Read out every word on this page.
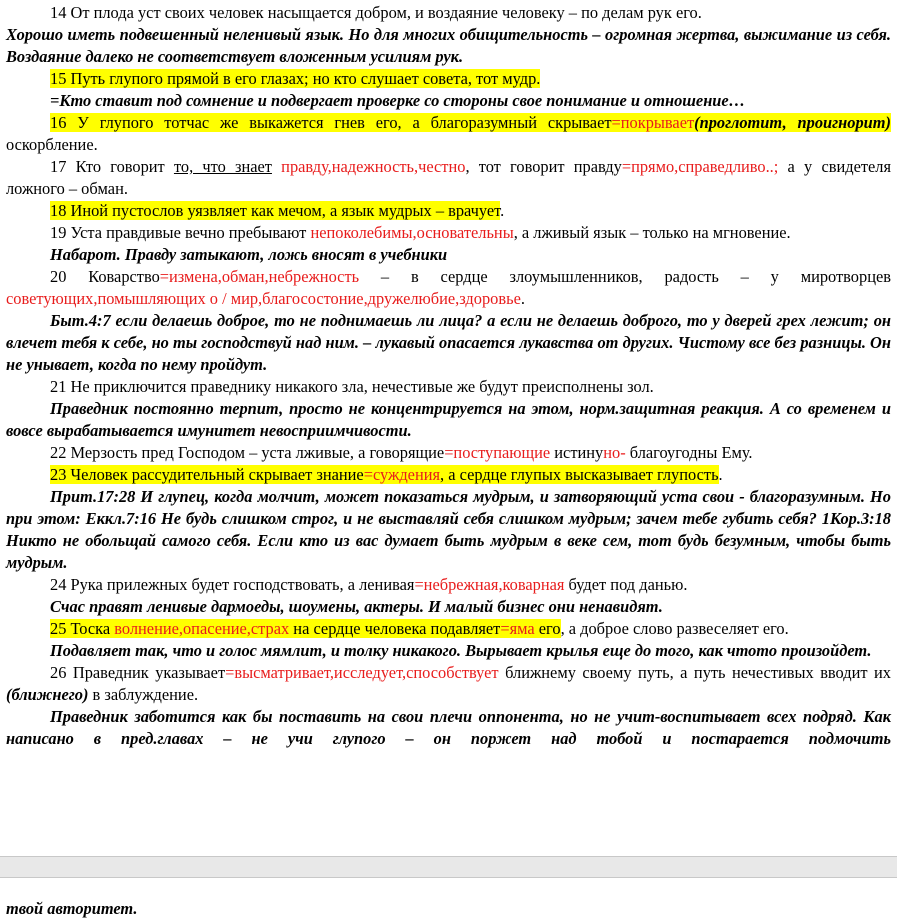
14 От плода уст своих человек насыщается добром, и воздаяние человеку – по делам рук его.

Хорошо иметь подвешенный неленивый язык. Но для многих обищительность – огромная жертва, выжимание из себя. Воздаяние далеко не соответствует вложенным усилиям рук.

15 Путь глупого прямой в его глазах; но кто слушает совета, тот мудр.

=Кто ставит под сомнение и подвергает проверке со стороны свое понимание и отношение…

16 У глупого тотчас же выкажется гнев его, а благоразумный скрывает=покрывает(проглотит, проигнорит) оскорбление.

17 Кто говорит то, что знает правду,надежность,честно, тот говорит правду=прямо,справедливо..; а у свидетеля ложного – обман.

18 Иной пустослов уязвляет как мечом, а язык мудрых – врачует.

19 Уста правдивые вечно пребывают непоколебимы,основательны, а лживый язык – только на мгновение.

Набарот. Правду затыкают, ложь вносят в учебники

20 Коварство=измена,обман,небрежность – в сердце злоумышленников, радость – у миротворцев советующих,помышляющих о / мир,благосостоние,дружелюбие,здоровье.

Быт.4:7 если делаешь доброе, то не поднимаешь ли лица? а если не делаешь доброго, то у дверей грех лежит; он влечет тебя к себе, но ты господствуй над ним. – лукавый опасается лукавства от других. Чистому все без разницы. Он не унывает, когда по нему пройдут.

21 Не приключится праведнику никакого зла, нечестивые же будут преисполнены зол.

Праведник постоянно терпит, просто не концентрируется на этом, норм.защитная реакция. А со временем и вовсе вырабатывается имунитет невосприимчивости.

22 Мерзость пред Господом – уста лживые, а говорящие=поступающие истинуно- благоугодны Ему.

23 Человек рассудительный скрывает знание=суждения, а сердце глупых высказывает глупость.

Прит.17:28 И глупец, когда молчит, может показаться мудрым, и затворяющий уста свои - благоразумным. Но при этом: Еккл.7:16 Не будь слишком строг, и не выставляй себя слишком мудрым; зачем тебе губить себя? 1Кор.3:18 Никто не обольщай самого себя. Если кто из вас думает быть мудрым в веке сем, тот будь безумным, чтобы быть мудрым.

24 Рука прилежных будет господствовать, а ленивая=небрежная,коварная будет под данью.

Счас правят ленивые дармоеды, шоумены, актеры. И малый бизнес они ненавидят.

25 Тоска волнение,опасение,страх на сердце человека подавляет=яма его, а доброе слово развеселяет его.

Подавляет так, что и голос мямлит, и толку никакого. Вырывает крылья еще до того, как чтото произойдет.

26 Праведник указывает=высматривает,исследует,способствует ближнему своему путь, а путь нечестивых вводит их (ближнего) в заблуждение.

Праведник заботится как бы поставить на свои плечи оппонента, но не учит-воспитывает всех подряд. Как написано в пред.главах – не учи глупого – он поржет над тобой и постарается подмочить

твой авторитет.
